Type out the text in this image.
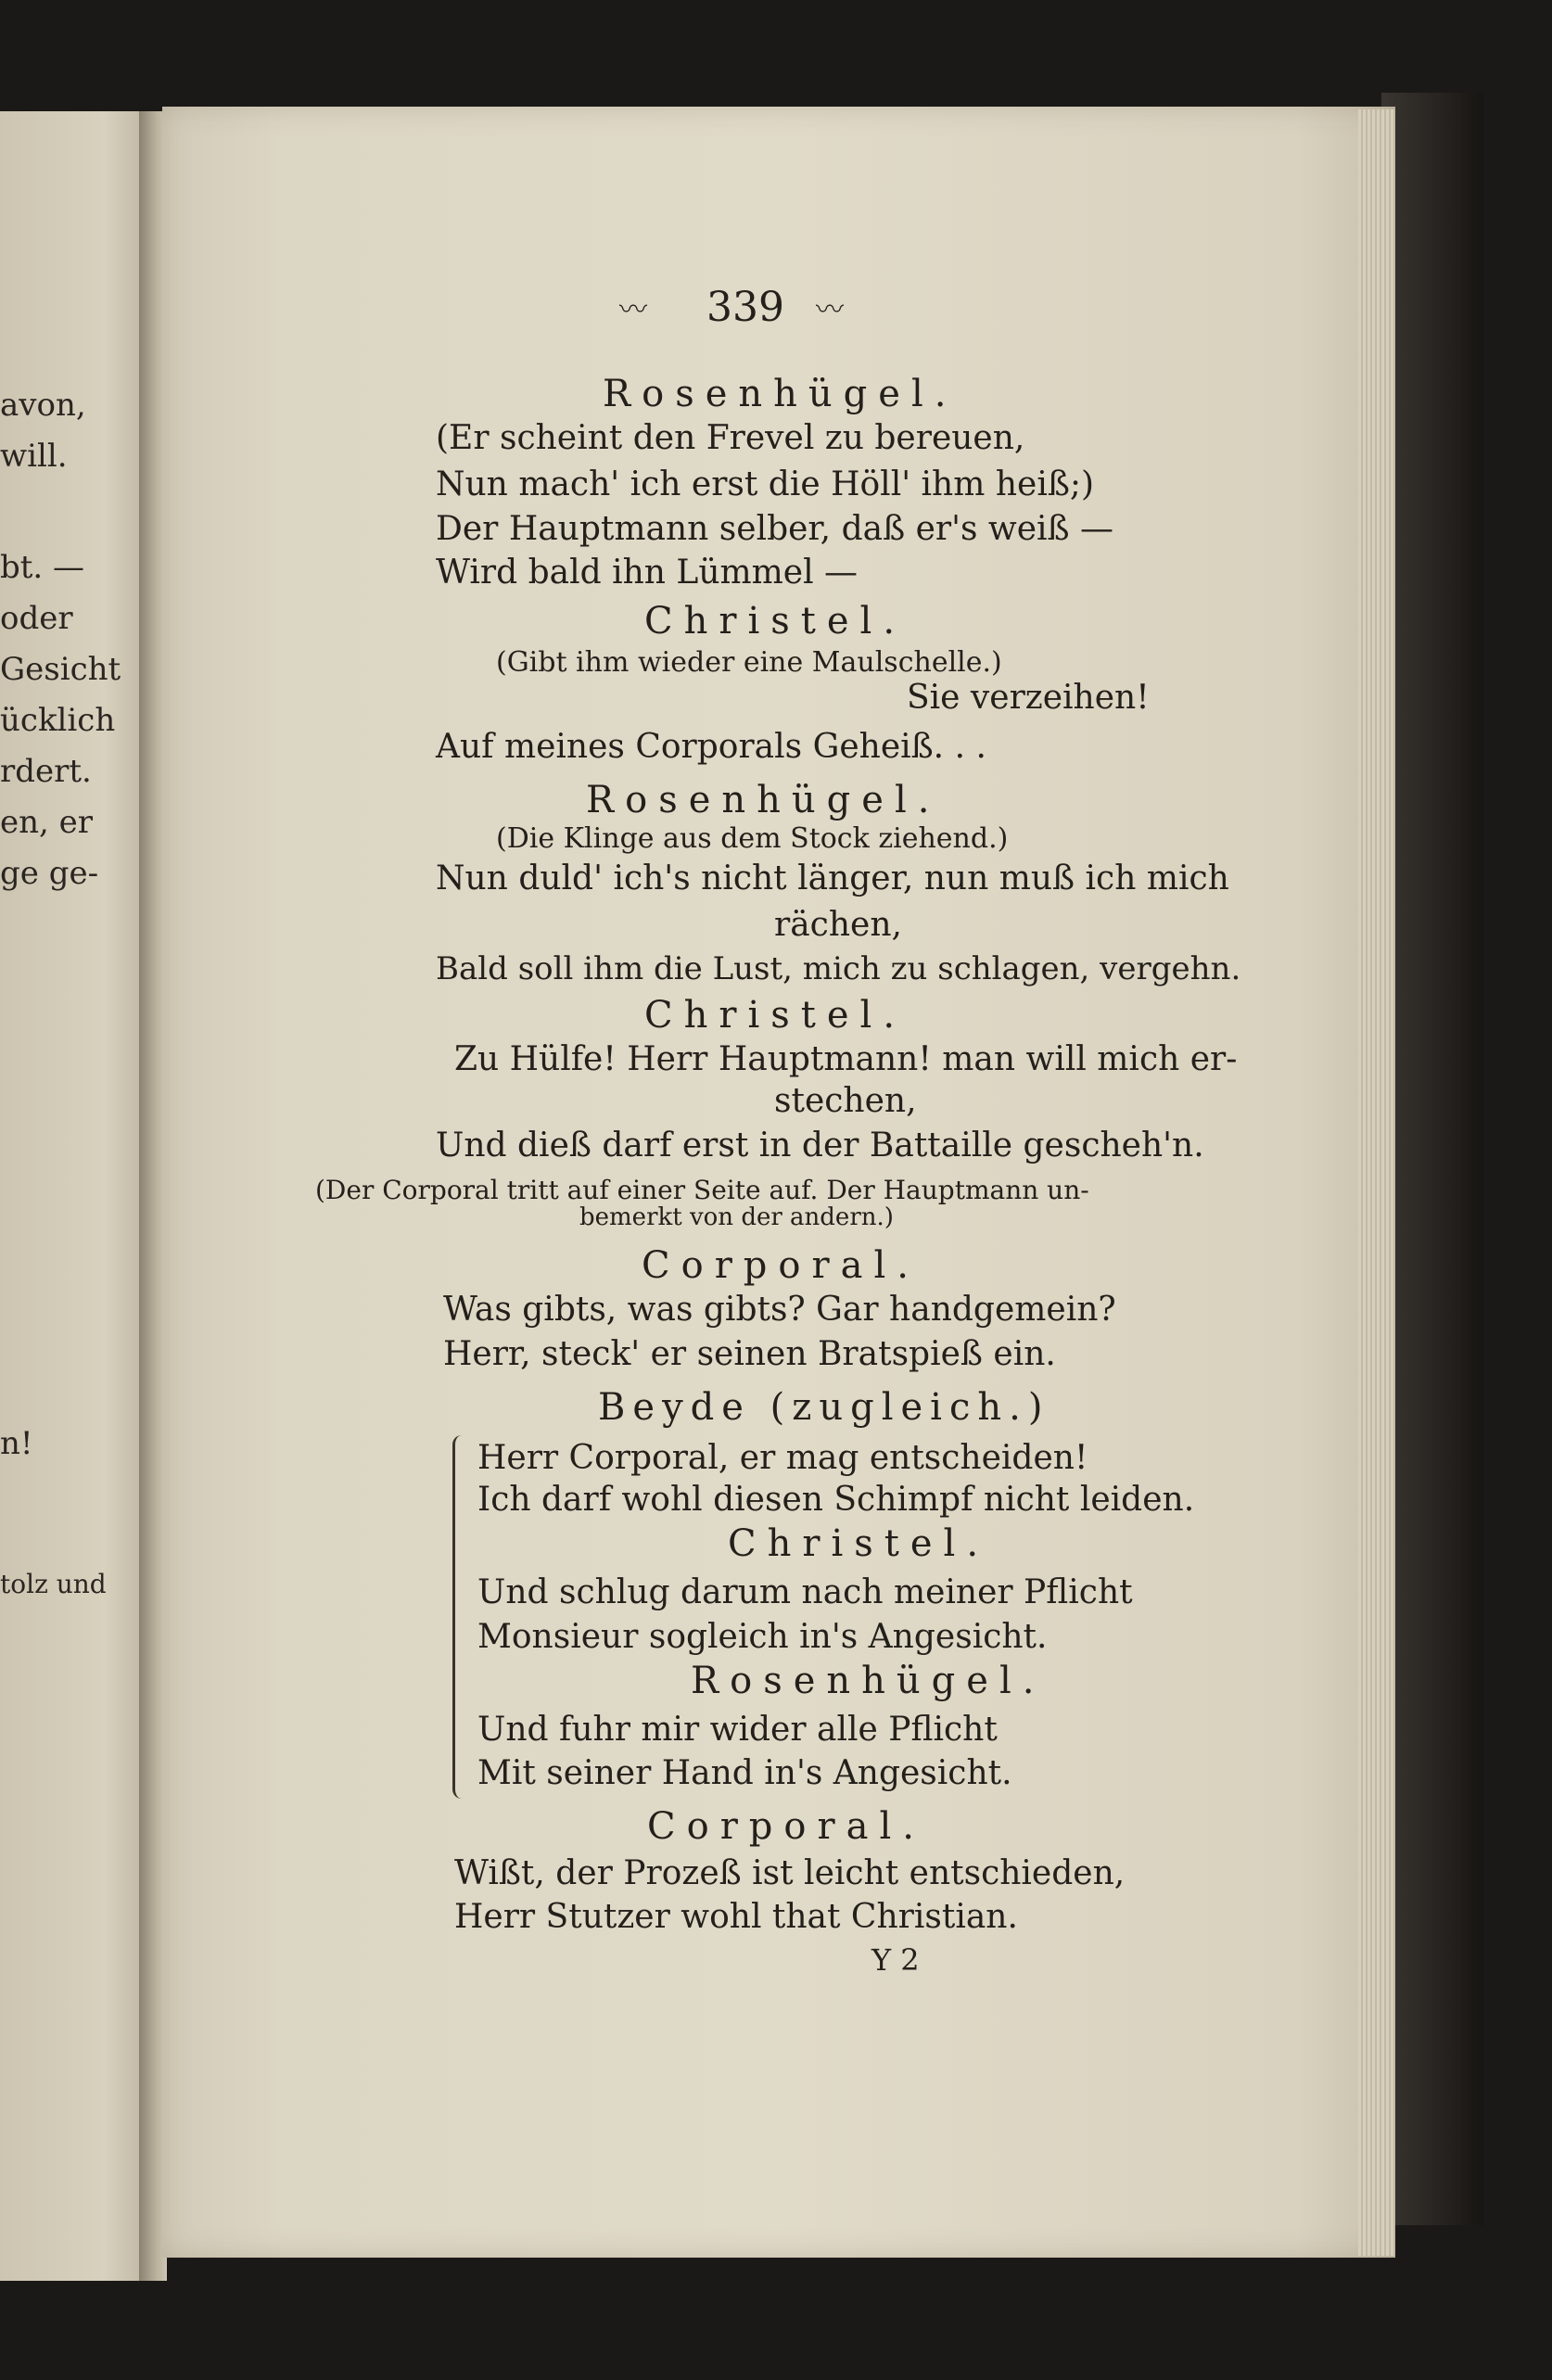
avon,
will.
bt. —
oder
Gesicht
ücklich
rdert.
en, er
ge ge-
n!
tolz und
〰 339 〰
Rosenhügel.
(Er scheint den Frevel zu bereuen,
Nun mach' ich erst die Höll' ihm heiß;)
Der Hauptmann selber, daß er's weiß —
Wird bald ihn Lümmel —
Christel.
(Gibt ihm wieder eine Maulschelle.)
Sie verzeihen!
Auf meines Corporals Geheiß. . .
Rosenhügel.
(Die Klinge aus dem Stock ziehend.)
Nun duld' ich's nicht länger, nun muß ich mich
rächen,
Bald soll ihm die Lust, mich zu schlagen, vergehn.
Christel.
Zu Hülfe! Herr Hauptmann! man will mich er-
stechen,
Und dieß darf erst in der Battaille gescheh'n.
(Der Corporal tritt auf einer Seite auf. Der Hauptmann un-
bemerkt von der andern.)
Corporal.
Was gibts, was gibts? Gar handgemein?
Herr, steck' er seinen Bratspieß ein.
Beyde (zugleich.)
Herr Corporal, er mag entscheiden!
Ich darf wohl diesen Schimpf nicht leiden.
Christel.
Und schlug darum nach meiner Pflicht
Monsieur sogleich in's Angesicht.
Rosenhügel.
Und fuhr mir wider alle Pflicht
Mit seiner Hand in's Angesicht.
Corporal.
Wißt, der Prozeß ist leicht entschieden,
Herr Stutzer wohl that Christian.
Y 2
